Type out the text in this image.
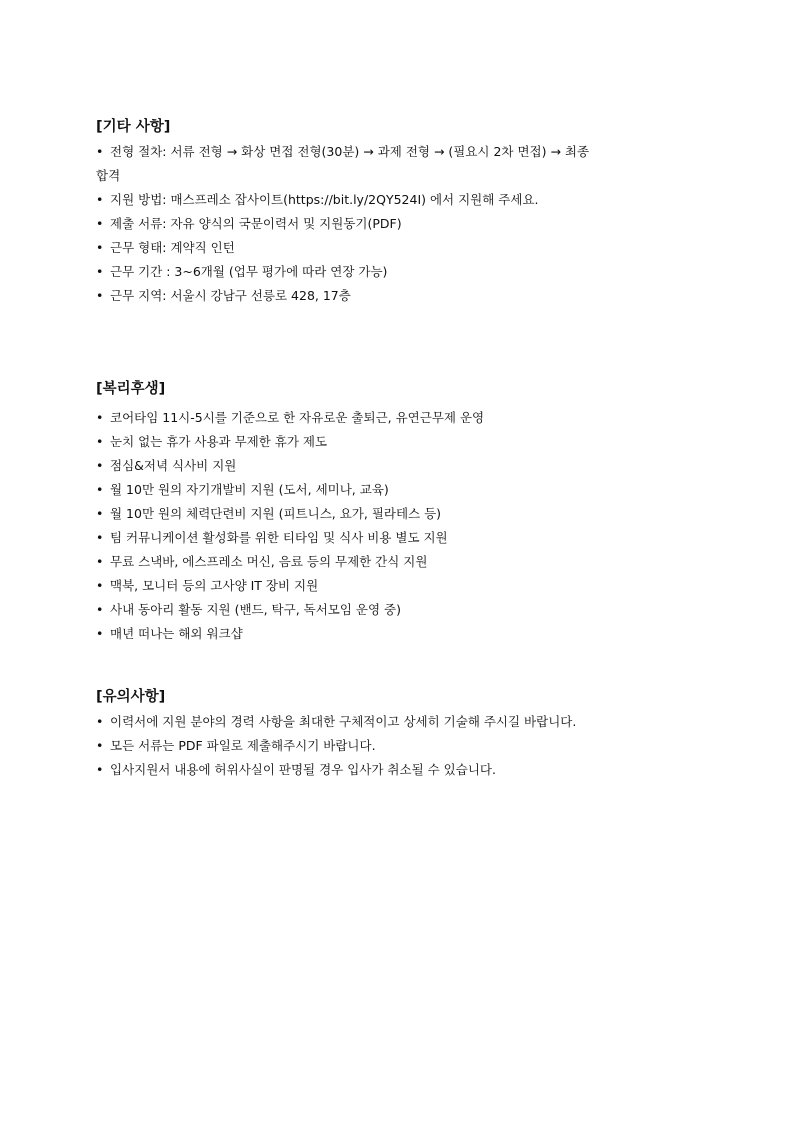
[기타 사항]
• 전형 절차: 서류 전형 → 화상 면접 전형(30분) → 과제 전형 → (필요시 2차 면접) → 최종
합격
• 지원 방법: 매스프레소 잡사이트(https://bit.ly/2QY524I) 에서 지원해 주세요.
• 제출 서류: 자유 양식의 국문이력서 및 지원동기(PDF)
• 근무 형태: 계약직 인턴
• 근무 기간 : 3~6개월 (업무 평가에 따라 연장 가능)
• 근무 지역: 서울시 강남구 선릉로 428, 17층
[복리후생]
• 코어타임 11시-5시를 기준으로 한 자유로운 출퇴근, 유연근무제 운영
• 눈치 없는 휴가 사용과 무제한 휴가 제도
• 점심&저녁 식사비 지원
• 월 10만 원의 자기개발비 지원 (도서, 세미나, 교육)
• 월 10만 원의 체력단련비 지원 (피트니스, 요가, 필라테스 등)
• 팀 커뮤니케이션 활성화를 위한 티타임 및 식사 비용 별도 지원
• 무료 스낵바, 에스프레소 머신, 음료 등의 무제한 간식 지원
• 맥북, 모니터 등의 고사양 IT 장비 지원
• 사내 동아리 활동 지원 (밴드, 탁구, 독서모임 운영 중)
• 매년 떠나는 해외 워크샵
[유의사항]
• 이력서에 지원 분야의 경력 사항을 최대한 구체적이고 상세히 기술해 주시길 바랍니다.
• 모든 서류는 PDF 파일로 제출해주시기 바랍니다.
• 입사지원서 내용에 허위사실이 판명될 경우 입사가 취소될 수 있습니다.
